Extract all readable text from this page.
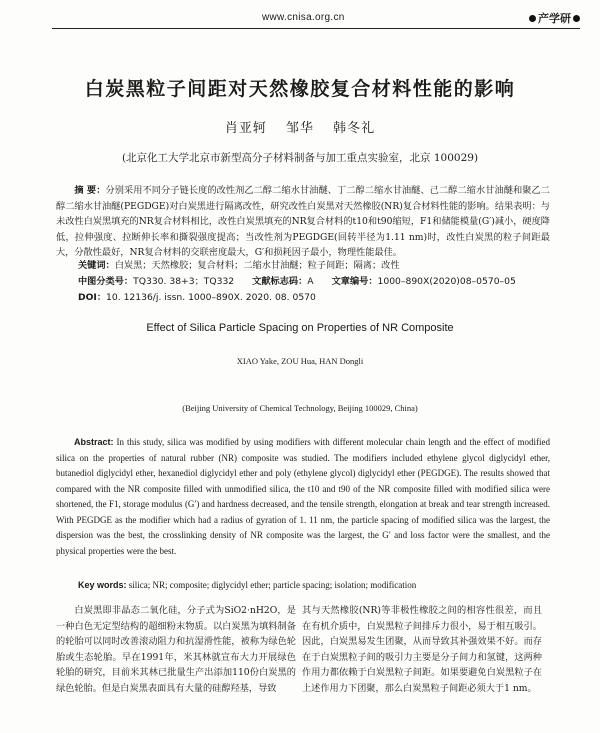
www.cnisa.org.cn	产学研
白炭黑粒子间距对天然橡胶复合材料性能的影响
肖亚轲 邹华 韩冬礼
(北京化工大学北京市新型高分子材料制备与加工重点实验室，北京 100029)
摘 要：分别采用不同分子链长度的改性剂乙二醇二缩水甘油醚、丁二醇二缩水甘油醚、己二醇二缩水甘油醚和聚乙二醇二缩水甘油醚(PEGDGE)对白炭黑进行隔离改性，研究改性白炭黑对天然橡胶(NR)复合材料性能的影响。结果表明：与未改性白炭黑填充的NR复合材料相比，改性白炭黑填充的NR复合材料的t10和t90缩短，F1和储能模量(G′)减小，硬度降低，拉伸强度、拉断伸长率和撕裂强度提高；当改性剂为PEGDGE(回转半径为1.11 nm)时，改性白炭黑的粒子间距最大，分散性最好，NR复合材料的交联密度最大，G′和损耗因子最小，物理性能最佳。
关键词：白炭黑；天然橡胶；复合材料；二缩水甘油醚；粒子间距；隔离；改性
中图分类号：TQ330. 38+3；TQ332 文献标志码：A 文章编号：1000–890X(2020)08–0570–05
DOI：10. 12136/j. issn. 1000–890X. 2020. 08. 0570
Effect of Silica Particle Spacing on Properties of NR Composite
XIAO Yake, ZOU Hua, HAN Dongli
(Beijing University of Chemical Technology, Beijing 100029, China)
Abstract: In this study, silica was modified by using modifiers with different molecular chain length and the effect of modified silica on the properties of natural rubber (NR) composite was studied. The modifiers included ethylene glycol diglycidyl ether, butanediol diglycidyl ether, hexanediol diglycidyl ether and poly (ethylene glycol) diglycidyl ether (PEGDGE). The results showed that compared with the NR composite filled with unmodified silica, the t10 and t90 of the NR composite filled with modified silica were shortened, the F1, storage modulus (G′) and hardness decreased, and the tensile strength, elongation at break and tear strength increased. With PEGDGE as the modifier which had a radius of gyration of 1. 11 nm, the particle spacing of modified silica was the largest, the dispersion was the best, the crosslinking density of NR composite was the largest, the G′ and loss factor were the smallest, and the physical properties were the best.
Key words: silica; NR; composite; diglycidyl ether; particle spacing; isolation; modification
白炭黑即非晶态二氧化硅，分子式为SiO2·nH2O，是一种白色无定型结构的超细粉末物质。以白炭黑为填料制备的轮胎可以同时改善滚动阻力和抗湿滑性能，被称为绿色轮胎或生态轮胎。早在1991年，米其林就宣布大力开展绿色轮胎的研究，目前米其林已批量生产出添加110份白炭黑的绿色轮胎。但是白炭黑表面具有大量的硅醇羟基，导致
其与天然橡胶(NR)等非极性橡胶之间的相容性很差，而且在有机介质中，白炭黑粒子间排斥力很小，易于相互吸引。因此，白炭黑易发生团聚，从而导致其补强效果不好。而存在于白炭黑粒子间的吸引力主要是分子间力和氢键，这两种作用力都依赖于白炭黑粒子间距。如果要避免白炭黑粒子在上述作用力下团聚，那么白炭黑粒子间距必须大于1 nm。
